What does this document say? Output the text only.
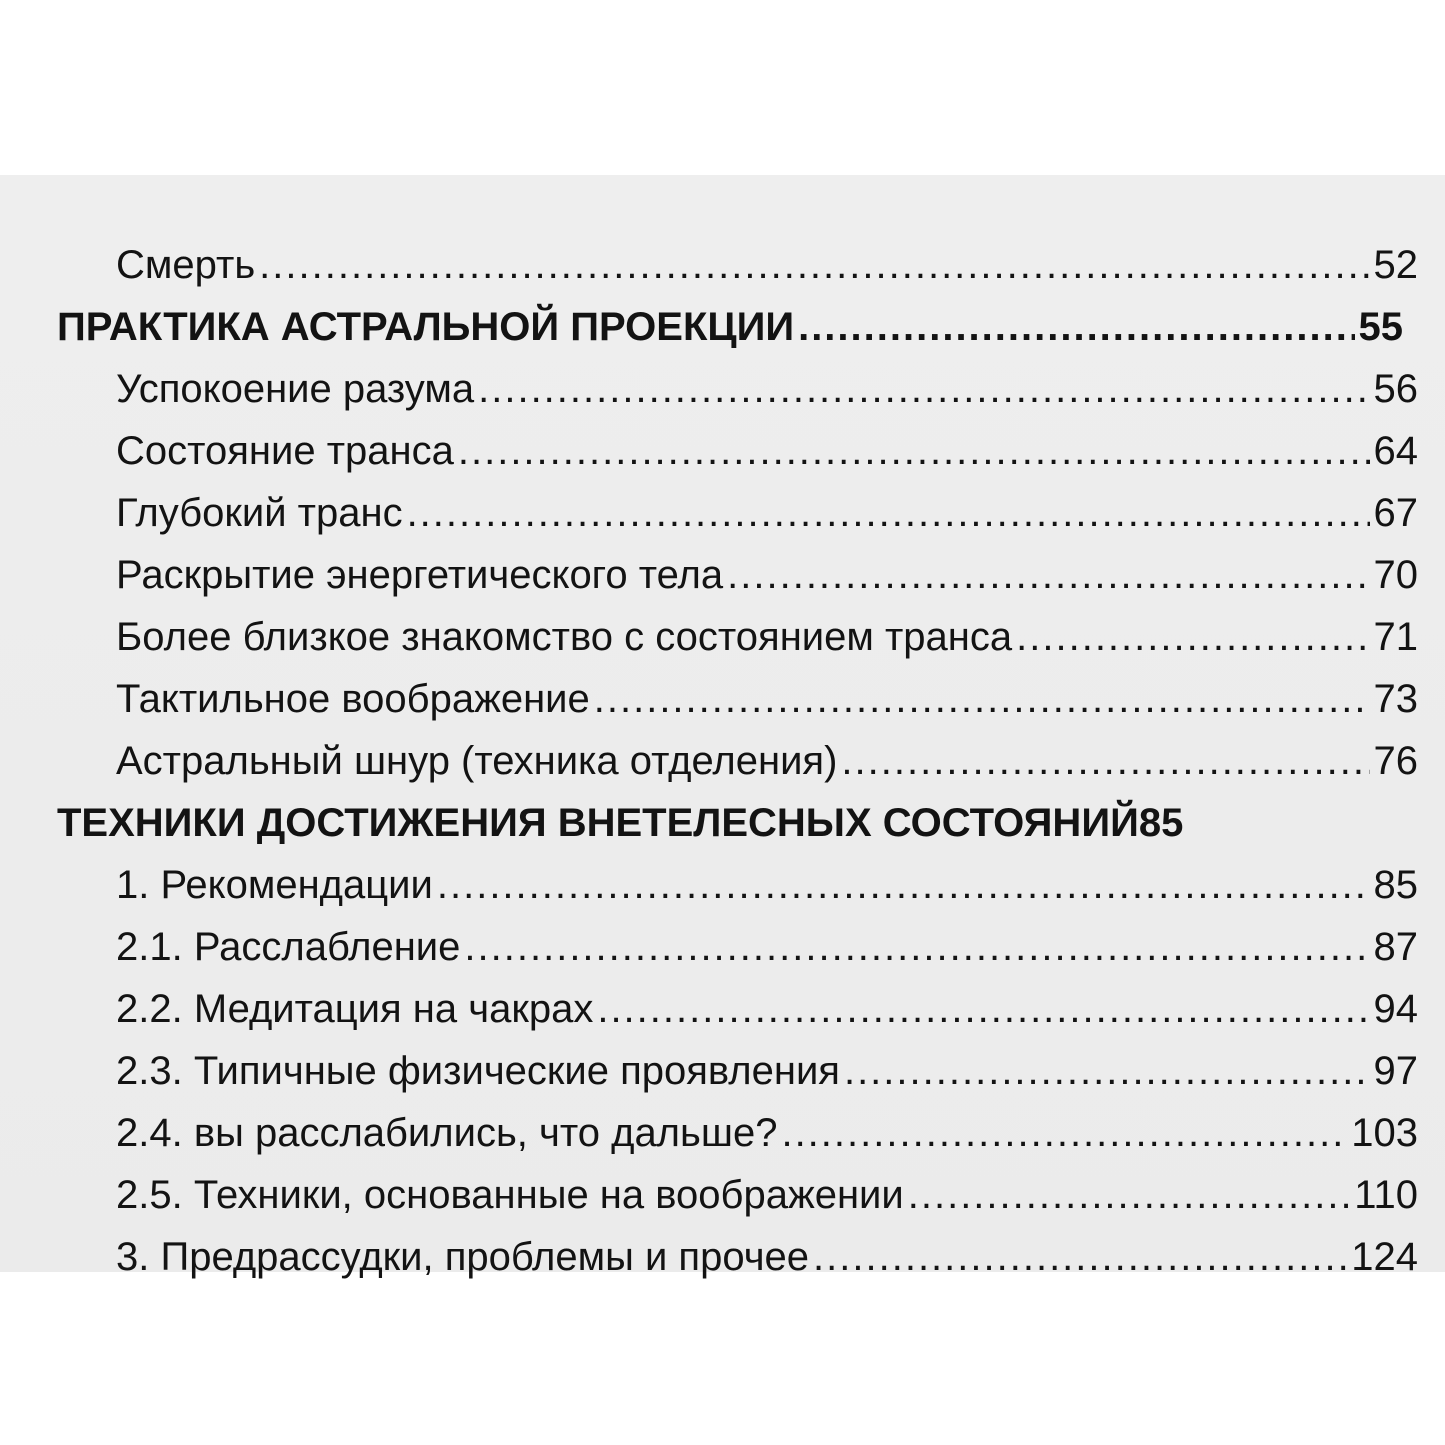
Смерть .....	52
ПРАКТИКА АСТРАЛЬНОЙ ПРОЕКЦИИ .....	55
Успокоение разума .....	56
Состояние транса .....	64
Глубокий транс .....	67
Раскрытие энергетического тела .....	70
Более близкое знакомство с состоянием транса .....	71
Тактильное воображение .....	73
Астральный шнур (техника отделения) .....	76
ТЕХНИКИ ДОСТИЖЕНИЯ ВНЕТЕЛЕСНЫХ СОСТОЯНИЙ 85
1. Рекомендации .....	85
2.1. Расслабление .....	87
2.2. Медитация на чакрах .....	94
2.3. Типичные физические проявления .....	97
2.4. вы расслабились, что дальше? .....	103
2.5. Техники, основанные на воображении .....	110
3. Предрассудки, проблемы и прочее .....	124
